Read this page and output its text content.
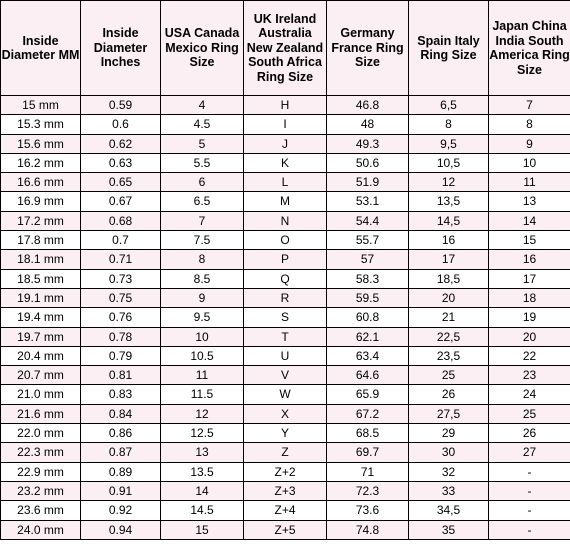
Inside Diameter MM	Inside Diameter Inches	USA Canada Mexico Ring Size	UK Ireland Australia New Zealand South Africa Ring Size	Germany France Ring Size	Spain Italy Ring Size	Japan China India South America Ring Size
15 mm	0.59	4	H	46.8	6,5	7
15.3 mm	0.6	4.5	I	48	8	8
15.6 mm	0.62	5	J	49.3	9,5	9
16.2 mm	0.63	5.5	K	50.6	10,5	10
16.6 mm	0.65	6	L	51.9	12	11
16.9 mm	0.67	6.5	M	53.1	13,5	13
17.2 mm	0.68	7	N	54.4	14,5	14
17.8 mm	0.7	7.5	O	55.7	16	15
18.1 mm	0.71	8	P	57	17	16
18.5 mm	0.73	8.5	Q	58.3	18,5	17
19.1 mm	0.75	9	R	59.5	20	18
19.4 mm	0.76	9.5	S	60.8	21	19
19.7 mm	0.78	10	T	62.1	22,5	20
20.4 mm	0.79	10.5	U	63.4	23,5	22
20.7 mm	0.81	11	V	64.6	25	23
21.0 mm	0.83	11.5	W	65.9	26	24
21.6 mm	0.84	12	X	67.2	27,5	25
22.0 mm	0.86	12.5	Y	68.5	29	26
22.3 mm	0.87	13	Z	69.7	30	27
22.9 mm	0.89	13.5	Z+2	71	32	-
23.2 mm	0.91	14	Z+3	72.3	33	-
23.6 mm	0.92	14.5	Z+4	73.6	34,5	-
24.0 mm	0.94	15	Z+5	74.8	35	-
